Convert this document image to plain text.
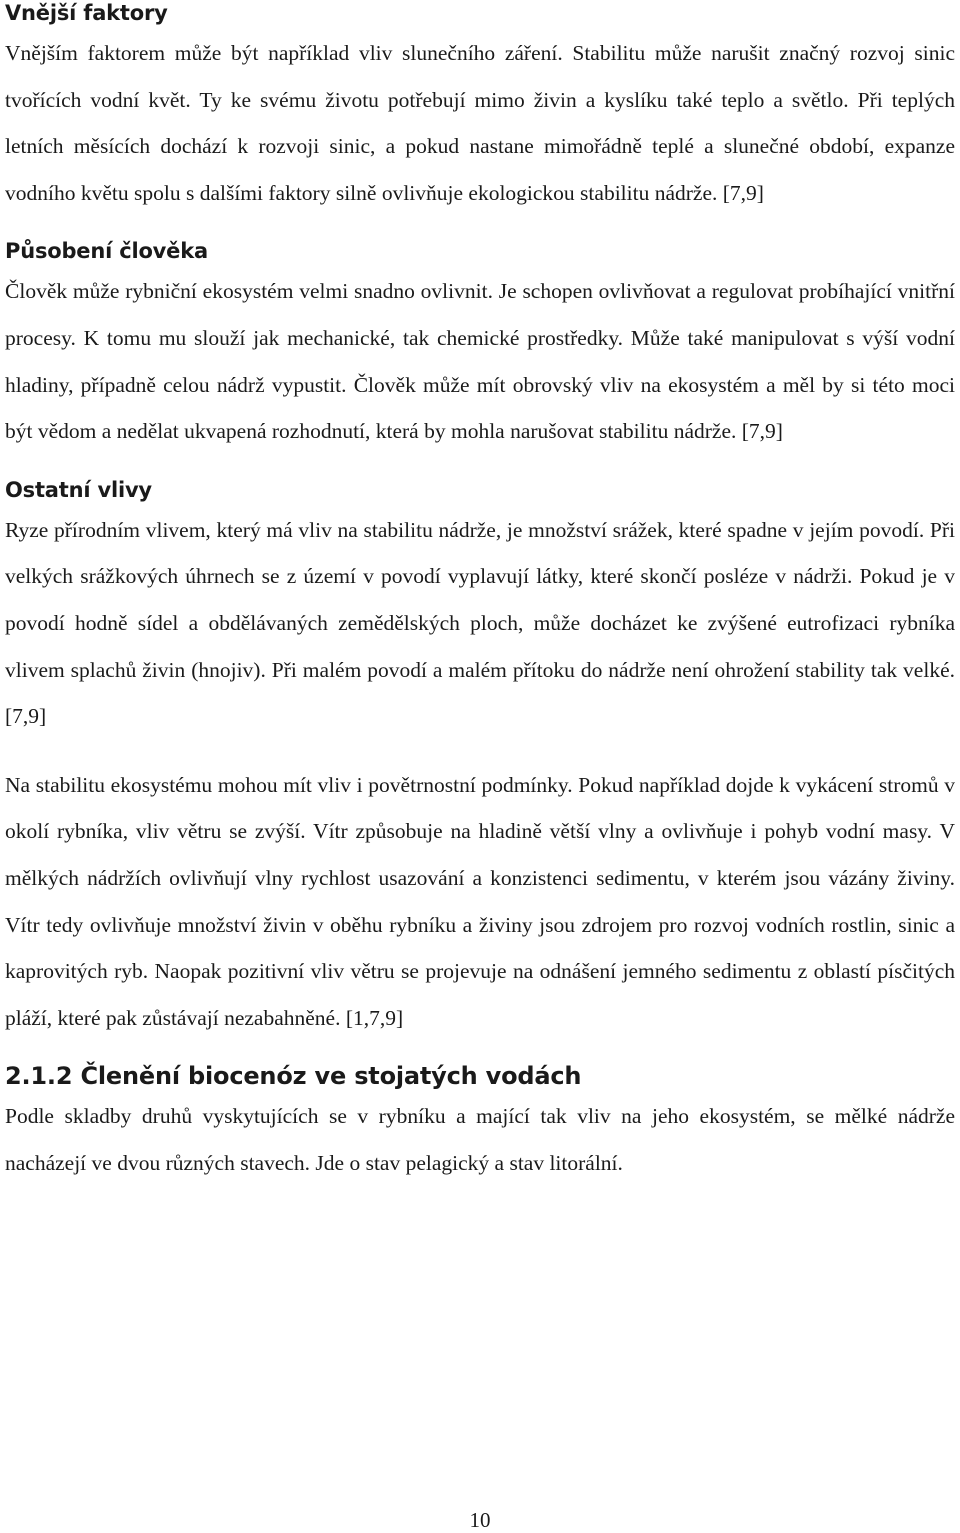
Vnější faktory

Vnějším faktorem může být například vliv slunečního záření. Stabilitu může narušit značný rozvoj sinic tvořících vodní květ. Ty ke svému životu potřebují mimo živin a kyslíku také teplo a světlo. Při teplých letních měsících dochází k rozvoji sinic, a pokud nastane mimořádně teplé a slunečné období, expanze vodního květu spolu s dalšími faktory silně ovlivňuje ekologickou stabilitu nádrže. [7,9]

Působení člověka

Člověk může rybniční ekosystém velmi snadno ovlivnit. Je schopen ovlivňovat a regulovat probíhající vnitřní procesy. K tomu mu slouží jak mechanické, tak chemické prostředky. Může také manipulovat s výší vodní hladiny, případně celou nádrž vypustit. Člověk může mít obrovský vliv na ekosystém a měl by si této moci být vědom a nedělat ukvapená rozhodnutí, která by mohla narušovat stabilitu nádrže. [7,9]

Ostatní vlivy

Ryze přírodním vlivem, který má vliv na stabilitu nádrže, je množství srážek, které spadne v jejím povodí. Při velkých srážkových úhrnech se z území v povodí vyplavují látky, které skončí posléze v nádrži. Pokud je v povodí hodně sídel a obdělávaných zemědělských ploch, může docházet ke zvýšené eutrofizaci rybníka vlivem splachů živin (hnojiv). Při malém povodí a malém přítoku do nádrže není ohrožení stability tak velké. [7,9]

Na stabilitu ekosystému mohou mít vliv i povětrnostní podmínky. Pokud například dojde k vykácení stromů v okolí rybníka, vliv větru se zvýší. Vítr způsobuje na hladině větší vlny a ovlivňuje i pohyb vodní masy. V mělkých nádržích ovlivňují vlny rychlost usazování a konzistenci sedimentu, v kterém jsou vázány živiny. Vítr tedy ovlivňuje množství živin v oběhu rybníku a živiny jsou zdrojem pro rozvoj vodních rostlin, sinic a kaprovitých ryb. Naopak pozitivní vliv větru se projevuje na odnášení jemného sedimentu z oblastí písčitých pláží, které pak zůstávají nezabahněné. [1,7,9]

2.1.2 Členění biocenóz ve stojatých vodách

Podle skladby druhů vyskytujících se v rybníku a mající tak vliv na jeho ekosystém, se mělké nádrže nacházejí ve dvou různých stavech. Jde o stav pelagický a stav litorální.

10
